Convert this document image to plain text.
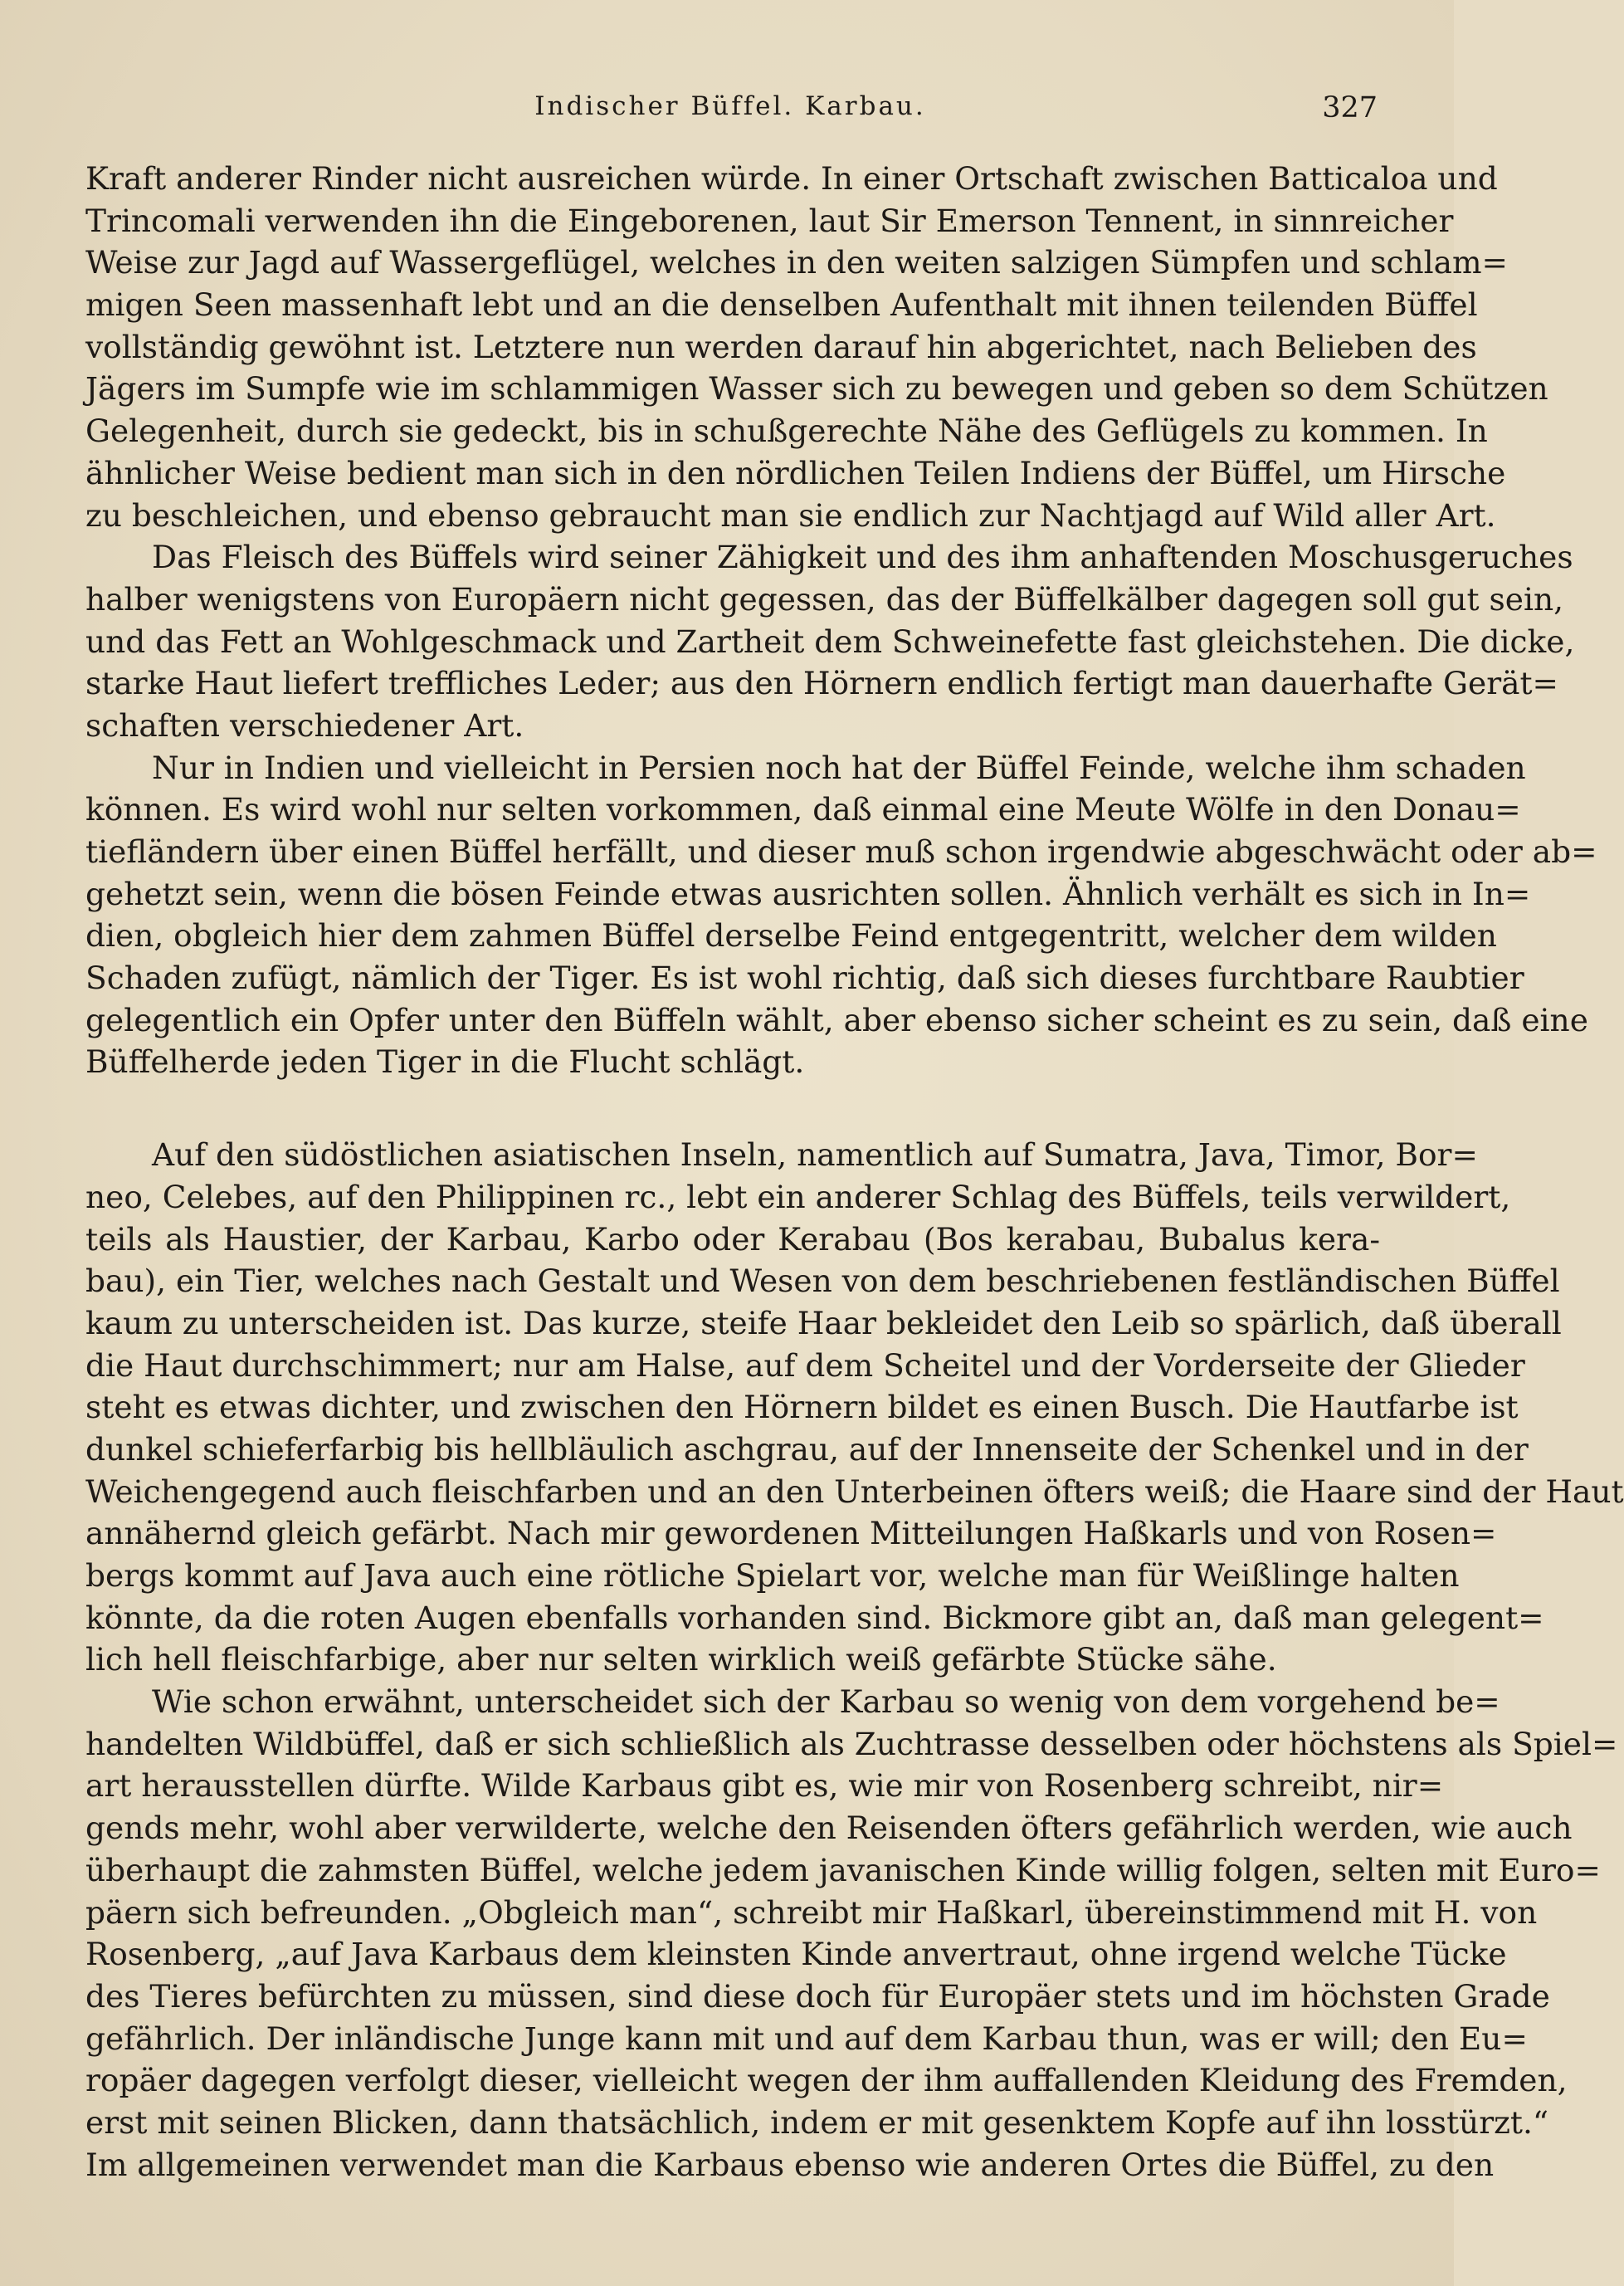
Indischer Büffel. Karbau.	327
Kraft anderer Rinder nicht ausreichen würde. In einer Ortschaft zwischen Batticaloa und
Trincomali verwenden ihn die Eingeborenen, laut Sir Emerson Tennent, in sinnreicher
Weise zur Jagd auf Wassergeflügel, welches in den weiten salzigen Sümpfen und schlam=
migen Seen massenhaft lebt und an die denselben Aufenthalt mit ihnen teilenden Büffel
vollständig gewöhnt ist. Letztere nun werden darauf hin abgerichtet, nach Belieben des
Jägers im Sumpfe wie im schlammigen Wasser sich zu bewegen und geben so dem Schützen
Gelegenheit, durch sie gedeckt, bis in schußgerechte Nähe des Geflügels zu kommen. In
ähnlicher Weise bedient man sich in den nördlichen Teilen Indiens der Büffel, um Hirsche
zu beschleichen, und ebenso gebraucht man sie endlich zur Nachtjagd auf Wild aller Art.
Das Fleisch des Büffels wird seiner Zähigkeit und des ihm anhaftenden Moschusgeruches
halber wenigstens von Europäern nicht gegessen, das der Büffelkälber dagegen soll gut sein,
und das Fett an Wohlgeschmack und Zartheit dem Schweinefette fast gleichstehen. Die dicke,
starke Haut liefert treffliches Leder; aus den Hörnern endlich fertigt man dauerhafte Gerät=
schaften verschiedener Art.
Nur in Indien und vielleicht in Persien noch hat der Büffel Feinde, welche ihm schaden
können. Es wird wohl nur selten vorkommen, daß einmal eine Meute Wölfe in den Donau=
tiefländern über einen Büffel herfällt, und dieser muß schon irgendwie abgeschwächt oder ab=
gehetzt sein, wenn die bösen Feinde etwas ausrichten sollen. Ähnlich verhält es sich in In=
dien, obgleich hier dem zahmen Büffel derselbe Feind entgegentritt, welcher dem wilden
Schaden zufügt, nämlich der Tiger. Es ist wohl richtig, daß sich dieses furchtbare Raubtier
gelegentlich ein Opfer unter den Büffeln wählt, aber ebenso sicher scheint es zu sein, daß eine
Büffelherde jeden Tiger in die Flucht schlägt.
Auf den südöstlichen asiatischen Inseln, namentlich auf Sumatra, Java, Timor, Bor=
neo, Celebes, auf den Philippinen rc., lebt ein anderer Schlag des Büffels, teils verwildert,
teils als Haustier, der Karbau, Karbo oder Kerabau (Bos kerabau, Bubalus kera-
bau), ein Tier, welches nach Gestalt und Wesen von dem beschriebenen festländischen Büffel
kaum zu unterscheiden ist. Das kurze, steife Haar bekleidet den Leib so spärlich, daß überall
die Haut durchschimmert; nur am Halse, auf dem Scheitel und der Vorderseite der Glieder
steht es etwas dichter, und zwischen den Hörnern bildet es einen Busch. Die Hautfarbe ist
dunkel schieferfarbig bis hellbläulich aschgrau, auf der Innenseite der Schenkel und in der
Weichengegend auch fleischfarben und an den Unterbeinen öfters weiß; die Haare sind der Haut
annähernd gleich gefärbt. Nach mir gewordenen Mitteilungen Haßkarls und von Rosen=
bergs kommt auf Java auch eine rötliche Spielart vor, welche man für Weißlinge halten
könnte, da die roten Augen ebenfalls vorhanden sind. Bickmore gibt an, daß man gelegent=
lich hell fleischfarbige, aber nur selten wirklich weiß gefärbte Stücke sähe.
Wie schon erwähnt, unterscheidet sich der Karbau so wenig von dem vorgehend be=
handelten Wildbüffel, daß er sich schließlich als Zuchtrasse desselben oder höchstens als Spiel=
art herausstellen dürfte. Wilde Karbaus gibt es, wie mir von Rosenberg schreibt, nir=
gends mehr, wohl aber verwilderte, welche den Reisenden öfters gefährlich werden, wie auch
überhaupt die zahmsten Büffel, welche jedem javanischen Kinde willig folgen, selten mit Euro=
päern sich befreunden. „Obgleich man“, schreibt mir Haßkarl, übereinstimmend mit H. von
Rosenberg, „auf Java Karbaus dem kleinsten Kinde anvertraut, ohne irgend welche Tücke
des Tieres befürchten zu müssen, sind diese doch für Europäer stets und im höchsten Grade
gefährlich. Der inländische Junge kann mit und auf dem Karbau thun, was er will; den Eu=
ropäer dagegen verfolgt dieser, vielleicht wegen der ihm auffallenden Kleidung des Fremden,
erst mit seinen Blicken, dann thatsächlich, indem er mit gesenktem Kopfe auf ihn losstürzt.“
Im allgemeinen verwendet man die Karbaus ebenso wie anderen Ortes die Büffel, zu den
